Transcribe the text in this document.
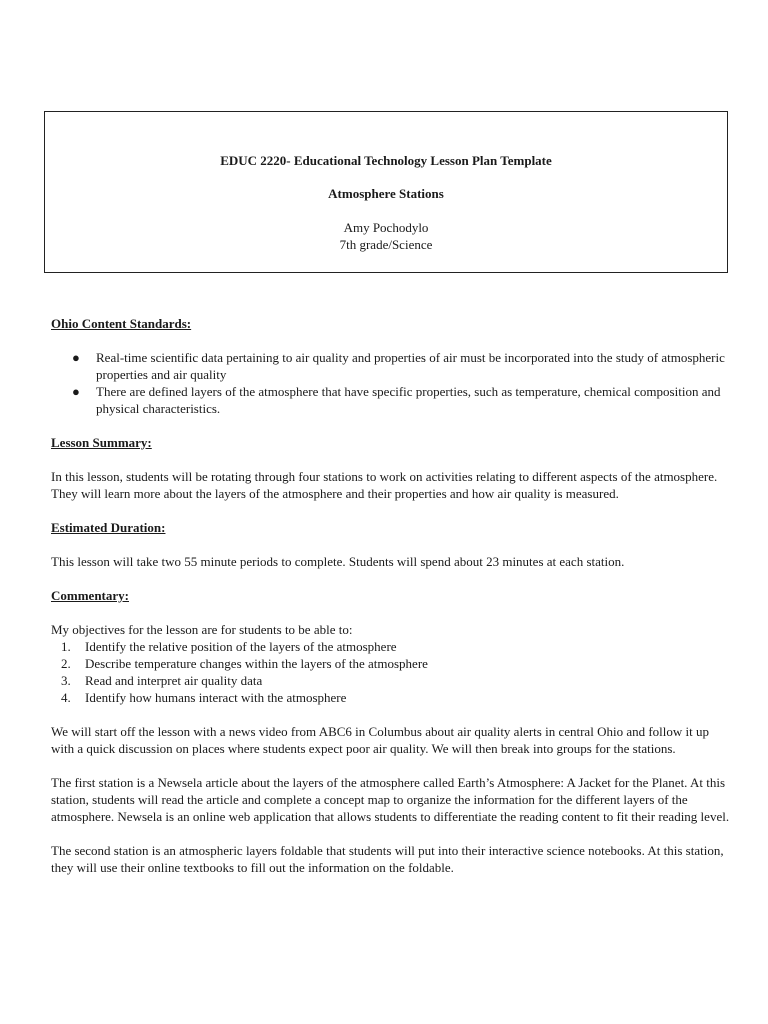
EDUC 2220- Educational Technology Lesson Plan Template
Atmosphere Stations
Amy Pochodylo
7th grade/Science
Ohio Content Standards:
● Real-time scientific data pertaining to air quality and properties of air must be incorporated into the study of atmospheric properties and air quality
● There are defined layers of the atmosphere that have specific properties, such as temperature, chemical composition and physical characteristics.
Lesson Summary:

In this lesson, students will be rotating through four stations to work on activities relating to different aspects of the atmosphere. They will learn more about the layers of the atmosphere and their properties and how air quality is measured.

Estimated Duration:

This lesson will take two 55 minute periods to complete. Students will spend about 23 minutes at each station.

Commentary:

My objectives for the lesson are for students to be able to:

1. Identify the relative position of the layers of the atmosphere
2. Describe temperature changes within the layers of the atmosphere
3. Read and interpret air quality data
4. Identify how humans interact with the atmosphere

We will start off the lesson with a news video from ABC6 in Columbus about air quality alerts in central Ohio and follow it up with a quick discussion on places where students expect poor air quality. We will then break into groups for the stations.

The first station is a Newsela article about the layers of the atmosphere called Earth’s Atmosphere: A Jacket for the Planet. At this station, students will read the article and complete a concept map to organize the information for the different layers of the atmosphere. Newsela is an online web application that allows students to differentiate the reading content to fit their reading level.

The second station is an atmospheric layers foldable that students will put into their interactive science notebooks. At this station, they will use their online textbooks to fill out the information on the foldable.
